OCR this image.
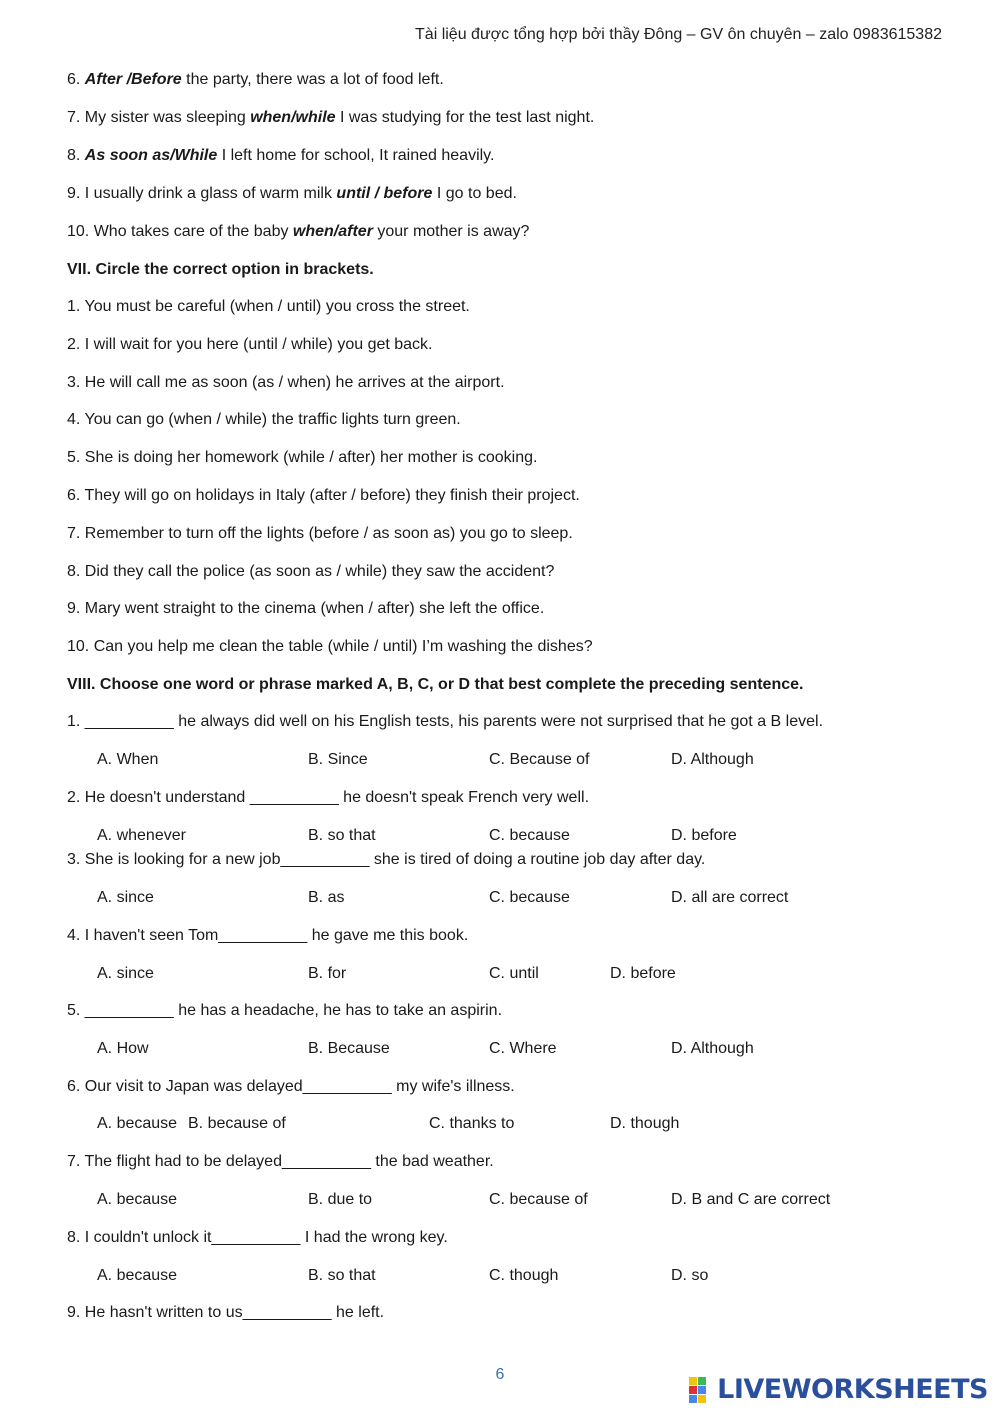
Tài liệu được tổng hợp bởi thầy Đông – GV ôn chuyên – zalo 0983615382
6. After /Before the party, there was a lot of food left.
7. My sister was sleeping when/while I was studying for the test last night.
8. As soon as/While I left home for school, It rained heavily.
9. I usually drink a glass of warm milk until / before I go to bed.
10. Who takes care of the baby when/after your mother is away?
VII. Circle the correct option in brackets.
1. You must be careful (when / until) you cross the street.
2. I will wait for you here (until / while) you get back.
3. He will call me as soon (as / when) he arrives at the airport.
4. You can go (when / while) the traffic lights turn green.
5. She is doing her homework (while / after) her mother is cooking.
6. They will go on holidays in Italy (after / before) they finish their project.
7. Remember to turn off the lights (before / as soon as) you go to sleep.
8. Did they call the police (as soon as / while) they saw the accident?
9. Mary went straight to the cinema (when / after) she left the office.
10. Can you help me clean the table (while / until) I’m washing the dishes?
VIII. Choose one word or phrase marked A, B, C, or D that best complete the preceding sentence.
1. __________ he always did well on his English tests, his parents were not surprised that he got a B level.
A. When	B. Since	C. Because of	D. Although
2. He doesn't understand __________ he doesn't speak French very well.
A. whenever	B. so that	C. because	D. before
3. She is looking for a new job__________ she is tired of doing a routine job day after day.
A. since	B. as	C. because	D. all are correct
4. I haven't seen Tom__________ he gave me this book.
A. since	B. for	C. until	D. before
5. __________ he has a headache, he has to take an aspirin.
A. How	B. Because	C. Where	D. Although
6. Our visit to Japan was delayed__________ my wife's illness.
A. because B. because of	C. thanks to	D. though
7. The flight had to be delayed__________ the bad weather.
A. because	B. due to	C. because of	D. B and C are correct
8. I couldn't unlock it__________ I had the wrong key.
A. because	B. so that	C. though	D. so
9. He hasn't written to us__________ he left.
6	LIVEWORKSHEETS
